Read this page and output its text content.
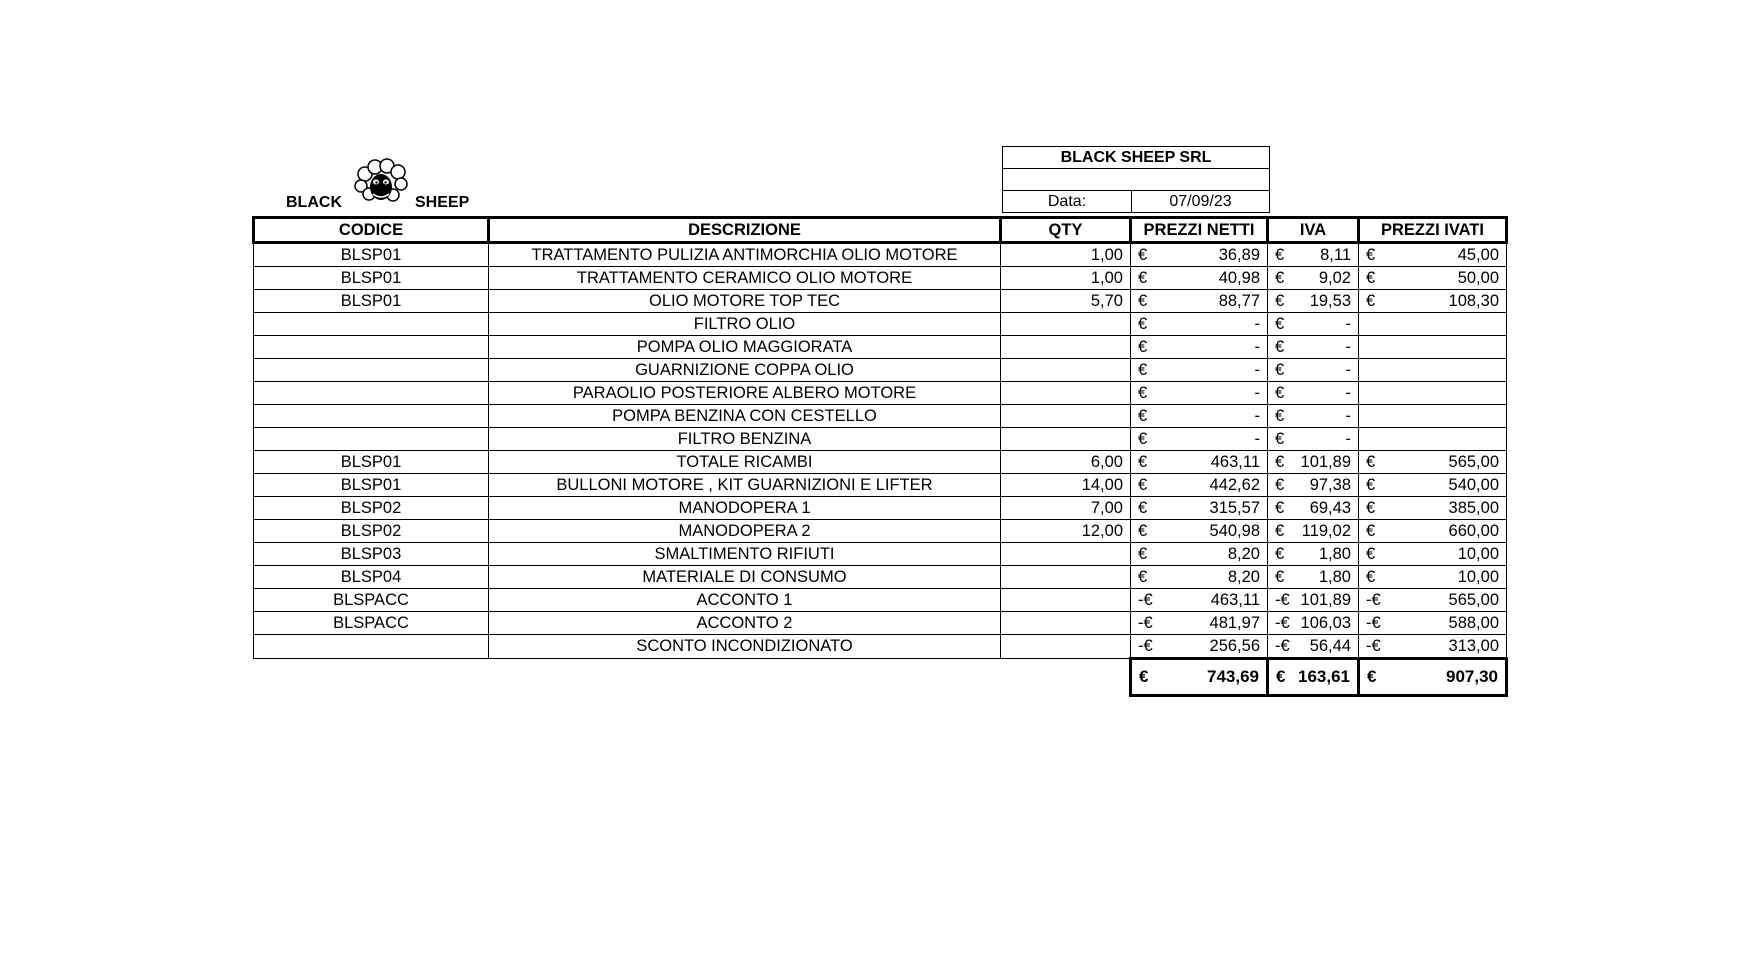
BLACK	SHEEP
BLACK SHEEP SRL

Data:	07/09/23
CODICE	DESCRIZIONE	QTY	PREZZI NETTI	IVA	PREZZI IVATI
BLSP01	TRATTAMENTO PULIZIA ANTIMORCHIA OLIO MOTORE	1,00	€ 36,89	€ 8,11	€ 45,00

BLSP01	TRATTAMENTO CERAMICO OLIO MOTORE	1,00	€ 40,98	€ 9,02	€ 50,00

BLSP01	OLIO MOTORE TOP TEC	5,70	€ 88,77	€ 19,53	€ 108,30

	FILTRO OLIO		€ -	€ -	

	POMPA OLIO MAGGIORATA		€ -	€ -	

	GUARNIZIONE COPPA OLIO		€ -	€ -	

	PARAOLIO POSTERIORE ALBERO MOTORE		€ -	€ -	

	POMPA BENZINA CON CESTELLO		€ -	€ -	

	FILTRO BENZINA		€ -	€ -	

BLSP01	TOTALE RICAMBI	6,00	€ 463,11	€ 101,89	€ 565,00

BLSP01	BULLONI MOTORE , KIT GUARNIZIONI E LIFTER	14,00	€ 442,62	€ 97,38	€ 540,00

BLSP02	MANODOPERA 1	7,00	€ 315,57	€ 69,43	€ 385,00

BLSP02	MANODOPERA 2	12,00	€ 540,98	€ 119,02	€ 660,00

BLSP03	SMALTIMENTO RIFIUTI		€ 8,20	€ 1,80	€ 10,00

BLSP04	MATERIALE DI CONSUMO		€ 8,20	€ 1,80	€ 10,00

BLSPACC	ACCONTO 1		-€ 463,11	-€ 101,89	-€ 565,00

BLSPACC	ACCONTO 2		-€ 481,97	-€ 106,03	-€ 588,00

	SCONTO INCONDIZIONATO		-€ 256,56	-€ 56,44	-€ 313,00

			€ 743,69	€ 163,61	€ 907,30
